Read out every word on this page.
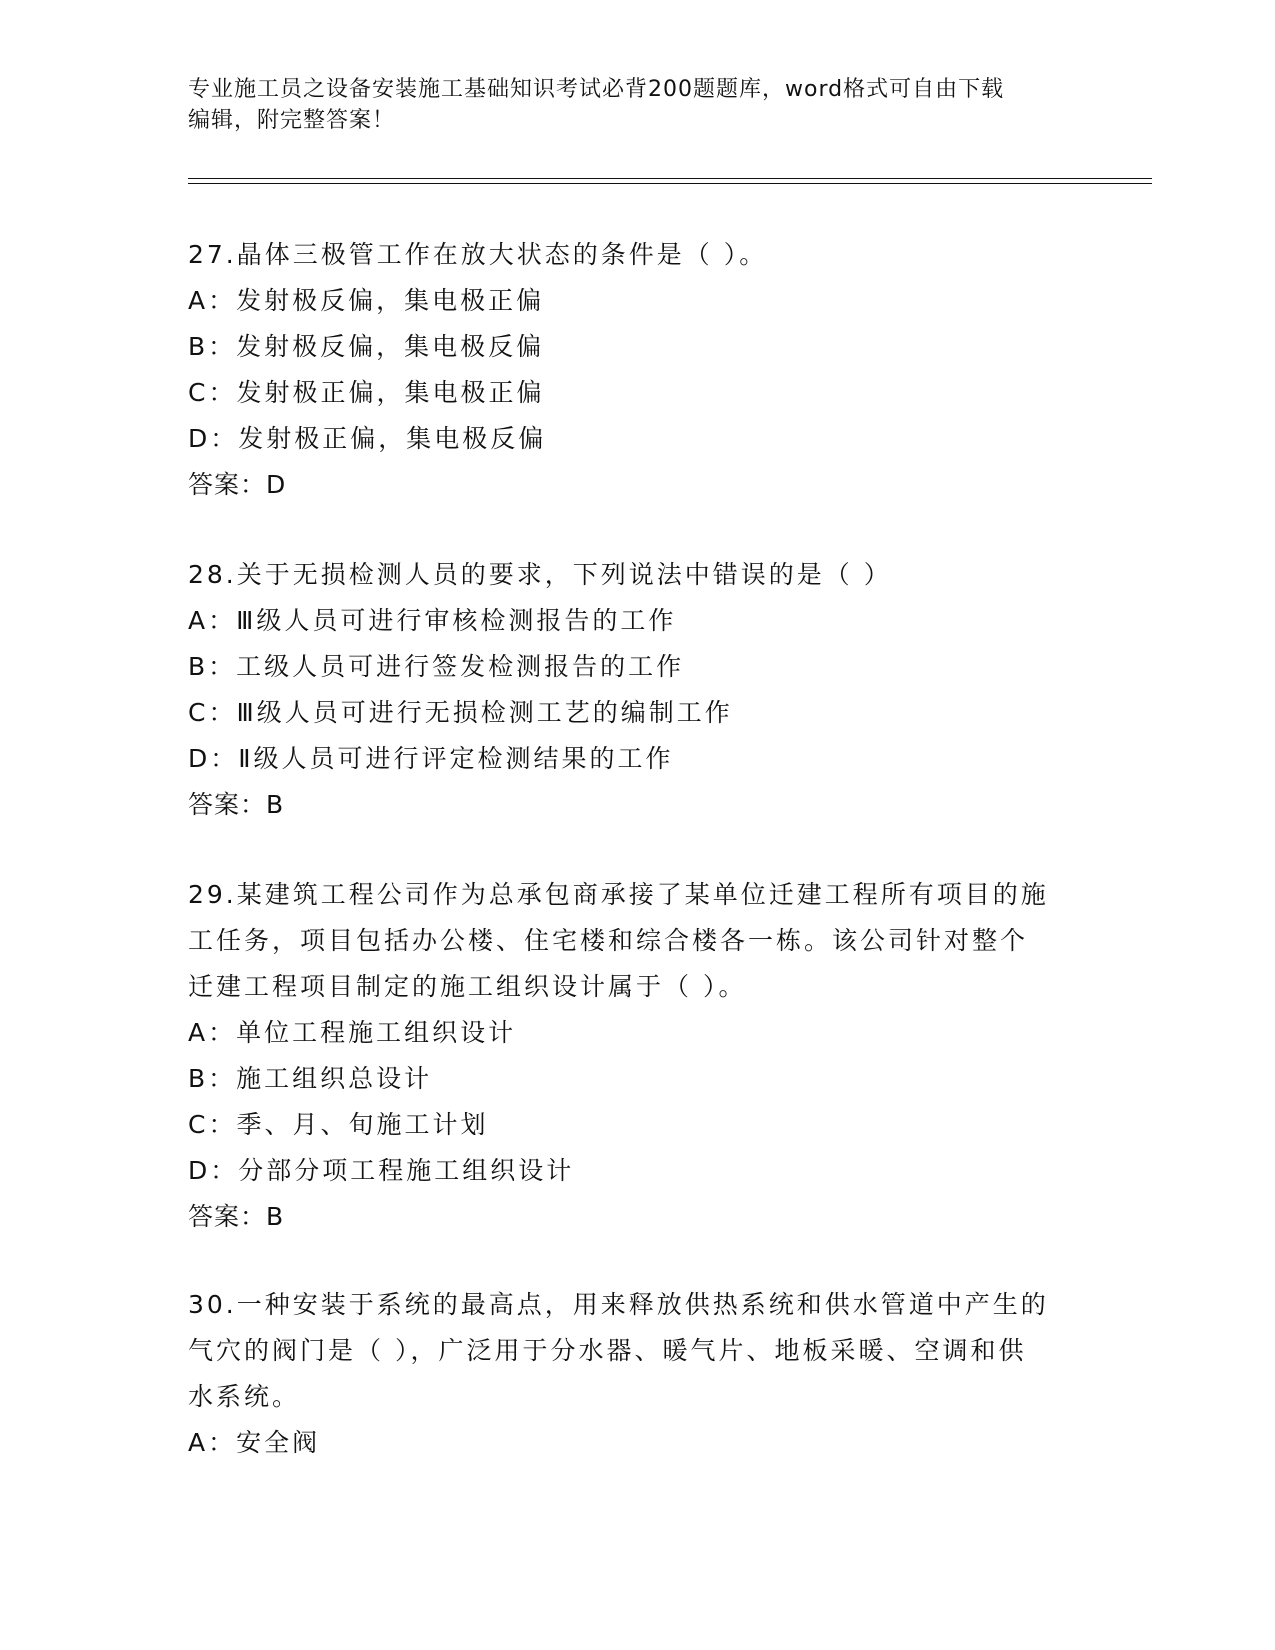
专业施工员之设备安装施工基础知识考试必背200题题库，word格式可自由下载
编辑，附完整答案！
27.晶体三极管工作在放大状态的条件是（ ）。
A：发射极反偏，集电极正偏
B：发射极反偏，集电极反偏
C：发射极正偏，集电极正偏
D：发射极正偏，集电极反偏
答案：D
28.关于无损检测人员的要求，下列说法中错误的是（ ）
A：Ⅲ级人员可进行审核检测报告的工作
B：工级人员可进行签发检测报告的工作
C：Ⅲ级人员可进行无损检测工艺的编制工作
D：Ⅱ级人员可进行评定检测结果的工作
答案：B
29.某建筑工程公司作为总承包商承接了某单位迁建工程所有项目的施
工任务，项目包括办公楼、住宅楼和综合楼各一栋。该公司针对整个
迁建工程项目制定的施工组织设计属于（ ）。
A：单位工程施工组织设计
B：施工组织总设计
C：季、月、旬施工计划
D：分部分项工程施工组织设计
答案：B
30.一种安装于系统的最高点，用来释放供热系统和供水管道中产生的
气穴的阀门是（ ），广泛用于分水器、暖气片、地板采暖、空调和供
水系统。
A：安全阀
